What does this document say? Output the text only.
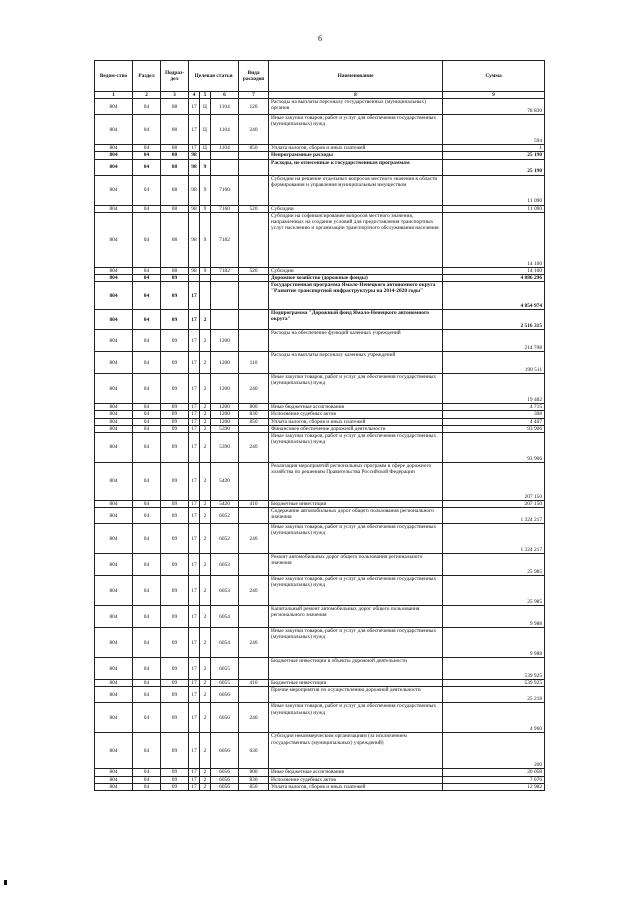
6
Ведом-ство	Раздел	Подраз-дел	Целевая статья			Вида расходов	Наименование	Сумма
1	2	3	4	5	6	7	8	9
804	04	08	17	Ц	1104	120	Расходы на выплаты персоналу государственных (муниципальных) органов	78 830
804	04	08	17	Ц	1104	240	Иные закупки товаров, работ и услуг для обеспечения государственных (муниципальных) нужд	594
804	04	08	17	Ц	1104	850	Уплата налогов, сборов и иных платежей	1
804	04	08	98				Непрограммные расходы	25 190
804	04	08	98	9			Расходы, не отнесенные к государственным программам	25 190
804	04	08	98	9	7160		Субсидии на решение отдельных вопросов местного значения в области формирования и управления муниципальным имуществом	11 090
804	04	08	98	9	7160	520	Субсидии	11 090
804	04	08	98	9	7182		Субсидии на софинансирование вопросов местного значения, направленных на создание условий для предоставления транспортных услуг населению и организации транспортного обслуживания населения	14 100
804	04	08	98	9	7182	520	Субсидии	14 100
804	04	09					Дорожное хозяйство (дорожные фонды)	4 886 296
804	04	09	17				Государственная программа Ямало-Ненецкого автономного округа "Развитие транспортной инфраструктуры на 2014-2020 годы"	4 854 974
804	04	09	17	2			Подпрограмма "Дорожный фонд Ямало-Ненецкого автономного округа"	2 516 315
804	04	09	17	2	1200		Расходы на обеспечение функций казенных учреждений	214 708
804	04	09	17	2	1200	110	Расходы на выплаты персоналу казенных учреждений	190 511
804	04	09	17	2	1200	240	Иные закупки товаров, работ и услуг для обеспечения государственных (муниципальных) нужд	19 482
804	04	09	17	2	1200	800	Иные бюджетные ассигнования	4 715
804	04	09	17	2	1200	830	Исполнение судебных актов	308
804	04	09	17	2	1200	850	Уплата налогов, сборов и иных платежей	4 407
804	04	09	17	2	5390		Финансовое обеспечение дорожной деятельности	93 906
804	04	09	17	2	5390	240	Иные закупки товаров, работ и услуг для обеспечения государственных (муниципальных) нужд	93 906
804	04	09	17	2	5420		Реализация мероприятий региональных программ в сфере дорожного хозяйства по решениям Правительства Российской Федерации	207 150
804	04	09	17	2	5420	410	Бюджетные инвестиции	207 150
804	04	09	17	2	6052		Содержание автомобильных дорог общего пользования регионального значения	1 324 217
804	04	09	17	2	6052	240	Иные закупки товаров, работ и услуг для обеспечения государственных (муниципальных) нужд	1 324 217
804	04	09	17	2	6053		Ремонт автомобильных дорог общего пользования регионального значения	25 985
804	04	09	17	2	6053	240	Иные закупки товаров, работ и услуг для обеспечения государственных (муниципальных) нужд	25 985
804	04	09	17	2	6054		Капитальный ремонт автомобильных дорог общего пользования регионального значения	9 988
804	04	09	17	2	6054	240	Иные закупки товаров, работ и услуг для обеспечения государственных (муниципальных) нужд	9 988
804	04	09	17	2	6055		Бюджетные инвестиции в объекты дорожной деятельности	539 925
804	04	09	17	2	6055	410	Бюджетные инвестиции	539 925
804	04	09	17	2	6056		Прочие мероприятия по осуществлению дорожной деятельности	25 218
804	04	09	17	2	6056	240	Иные закупки товаров, работ и услуг для обеспечения государственных (муниципальных) нужд	4 960
804	04	09	17	2	6056	630	Субсидии некоммерческим организациям (за исключением государственных (муниципальных) учреждений)	200
804	04	09	17	2	6056	800	Иные бюджетные ассигнования	20 058
804	04	09	17	2	6056	830	Исполнение судебных актов	7 076
804	04	09	17	2	6056	850	Уплата налогов, сборов и иных платежей	12 982
